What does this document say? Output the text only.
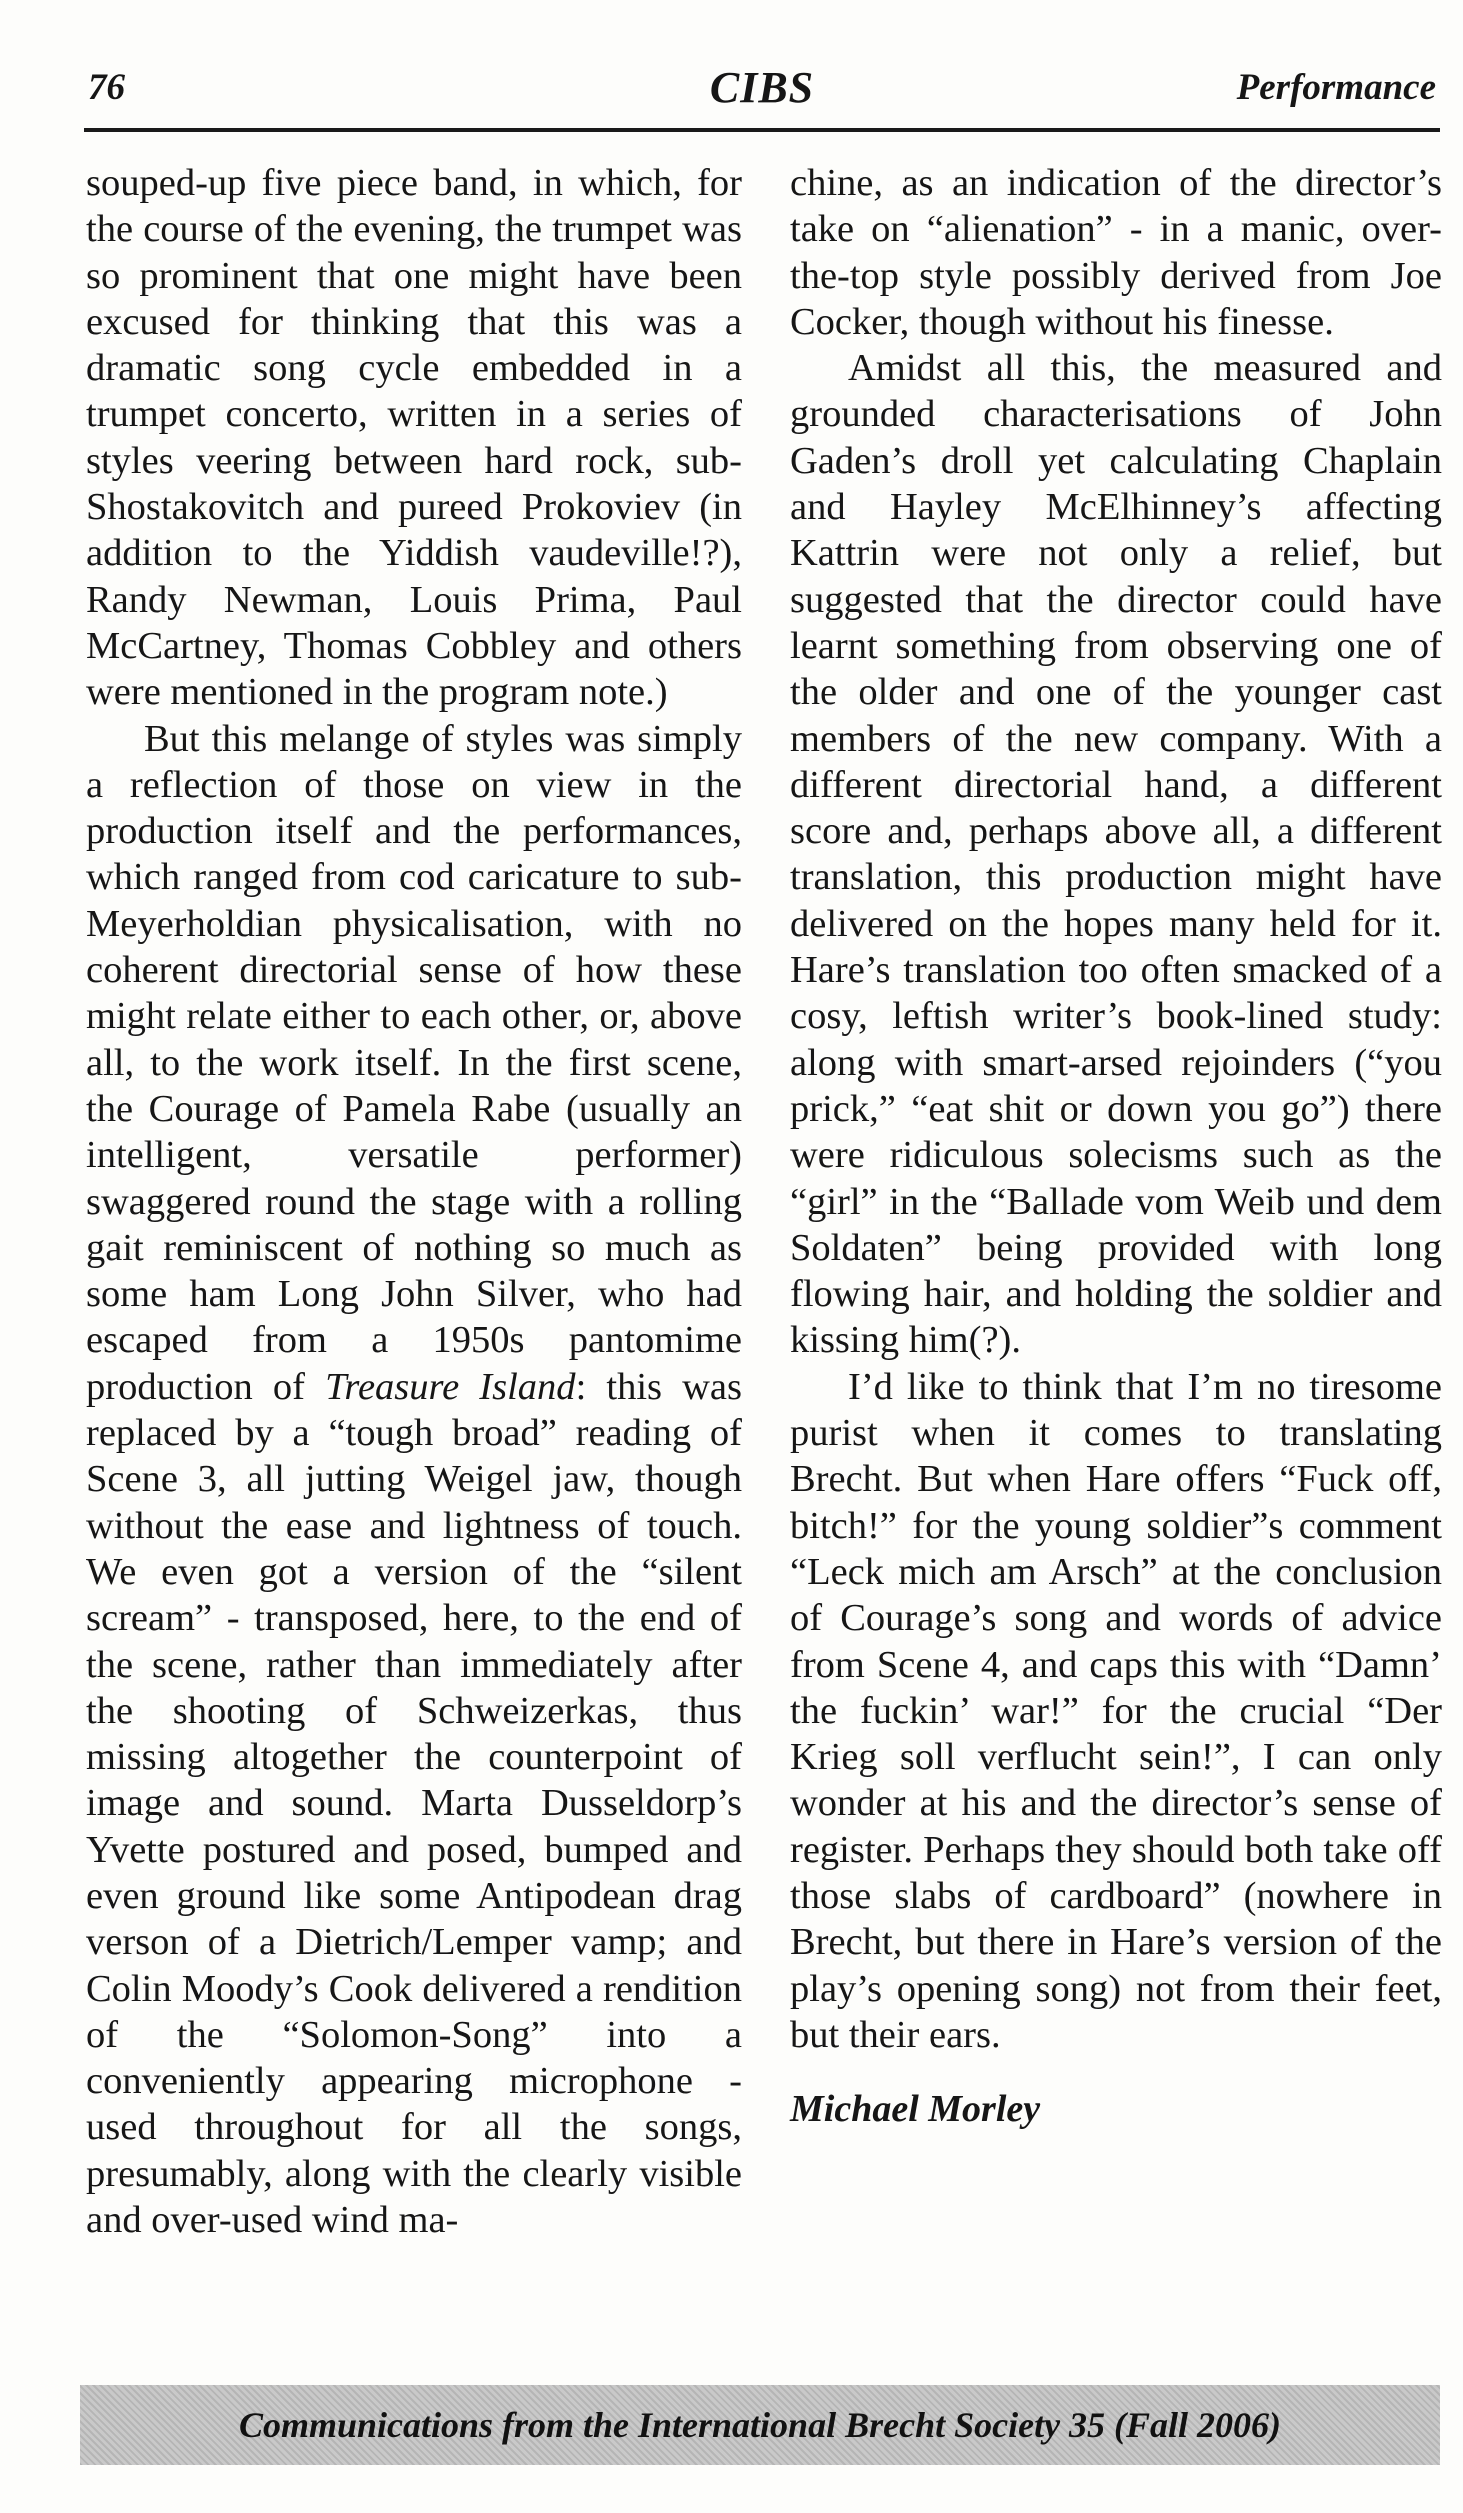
76	CIBS	Performance

souped-up five piece band, in which, for the course of the evening, the trumpet was so prominent that one might have been excused for thinking that this was a dramatic song cycle embedded in a trumpet concerto, written in a series of styles veering between hard rock, sub-Shostakovitch and pureed Prokoviev (in addition to the Yiddish vaudeville!?), Randy Newman, Louis Prima, Paul McCartney, Thomas Cobbley and others were mentioned in the program note.)

But this melange of styles was simply a reflection of those on view in the production itself and the performances, which ranged from cod caricature to sub-Meyerholdian physicalisation, with no coherent directorial sense of how these might relate either to each other, or, above all, to the work itself. In the first scene, the Courage of Pamela Rabe (usually an intelligent, versatile performer) swaggered round the stage with a rolling gait reminiscent of nothing so much as some ham Long John Silver, who had escaped from a 1950s pantomime production of Treasure Island: this was replaced by a “tough broad” reading of Scene 3, all jutting Weigel jaw, though without the ease and lightness of touch. We even got a version of the “silent scream” - transposed, here, to the end of the scene, rather than immediately after the shooting of Schweizerkas, thus missing altogether the counterpoint of image and sound. Marta Dusseldorp’s Yvette postured and posed, bumped and even ground like some Antipodean drag verson of a Dietrich/Lemper vamp; and Colin Moody’s Cook delivered a rendition of the “Solomon-Song” into a conveniently appearing microphone - used throughout for all the songs, presumably, along with the clearly visible and over-used wind ma-

chine, as an indication of the director’s take on “alienation” - in a manic, over-the-top style possibly derived from Joe Cocker, though without his finesse.

Amidst all this, the measured and grounded characterisations of John Gaden’s droll yet calculating Chaplain and Hayley McElhinney’s affecting Kattrin were not only a relief, but suggested that the director could have learnt something from observing one of the older and one of the younger cast members of the new company. With a different directorial hand, a different score and, perhaps above all, a different translation, this production might have delivered on the hopes many held for it. Hare’s translation too often smacked of a cosy, leftish writer’s book-lined study: along with smart-arsed rejoinders (“you prick,” “eat shit or down you go”) there were ridiculous solecisms such as the “girl” in the “Ballade vom Weib und dem Soldaten” being provided with long flowing hair, and holding the soldier and kissing him(?).

I’d like to think that I’m no tiresome purist when it comes to translating Brecht. But when Hare offers “Fuck off, bitch!” for the young soldier”s comment “Leck mich am Arsch” at the conclusion of Courage’s song and words of advice from Scene 4, and caps this with “Damn’ the fuckin’ war!” for the crucial “Der Krieg soll verflucht sein!”, I can only wonder at his and the director’s sense of register. Perhaps they should both take off those slabs of cardboard” (nowhere in Brecht, but there in Hare’s version of the play’s opening song) not from their feet, but their ears.

Michael Morley

Communications from the International Brecht Society 35 (Fall 2006)
